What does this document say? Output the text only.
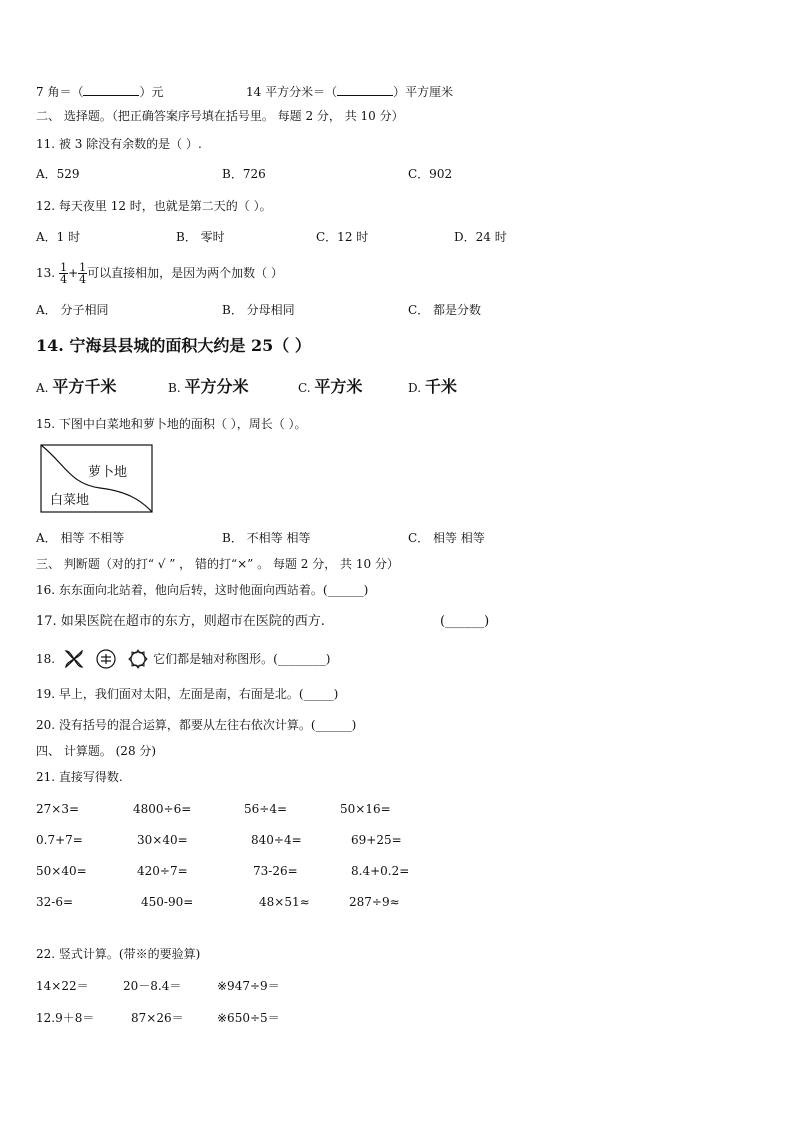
7 角＝（	）元	14 平方分米＝（	）平方厘米
二、 选择题。（把正确答案序号填在括号里。 每题 2 分， 共 10 分）
11. 被 3 除没有余数的是（ ）.
A．529	B．726	C．902
12. 每天夜里 12 时，也就是第二天的（ ）。
A．1 时	B． 零时	C．12 时	D．24 时
13. $\frac{1}{4} + \frac{1}{4}$ 可以直接相加，是因为两个加数（ ）
A． 分子相同	B． 分母相同	C． 都是分数
14. 宁海县县城的面积大约是 25（ ）
A. 平方千米	B. 平方分米	C. 平方米	D. 千米
15. 下图中白菜地和萝卜地的面积（ ），周长（ ）。
萝卜地
白菜地
A． 相等 不相等	B． 不相等 相等	C． 相等 相等
三、 判断题（对的打“ √ ” ， 错的打“×” 。 每题 2 分， 共 10 分）
16. 东东面向北站着，他向后转，这时他面向西站着。(______)
17. 如果医院在超市的东方，则超市在医院的西方.	(______)
18.	它们都是轴对称图形。(________)
19. 早上，我们面对太阳，左面是南，右面是北。(_____)
20. 没有括号的混合运算，都要从左往右依次计算。(______)
四、 计算题。 (28 分)
21. 直接写得数.
27×3=	4800÷6=	56÷4=	50×16=
0.7+7=	30×40=	840÷4=	69+25=
50×40=	420÷7=	73-26=	8.4+0.2=
32-6=	450-90=	48×51≈	287÷9≈
22. 竖式计算。(带※的要验算)
14×22＝	20－8.4＝	※947÷9＝
12.9＋8＝	87×26＝	※650÷5＝
